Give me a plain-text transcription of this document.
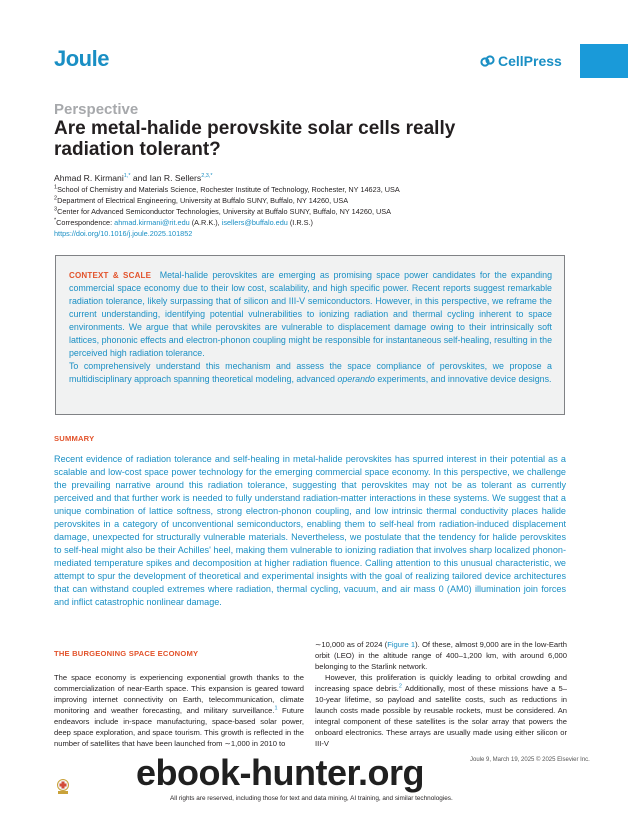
Joule	CellPress
Perspective
Are metal-halide perovskite solar cells really radiation tolerant?
Ahmad R. Kirmani$^{1,*}$ and Ian R. Sellers$^{2,3,*}$
$^1$School of Chemistry and Materials Science, Rochester Institute of Technology, Rochester, NY 14623, USA
$^2$Department of Electrical Engineering, University at Buffalo SUNY, Buffalo, NY 14260, USA
$^3$Center for Advanced Semiconductor Technologies, University at Buffalo SUNY, Buffalo, NY 14260, USA
*Correspondence: ahmad.kirmani@rit.edu (A.R.K.), isellers@buffalo.edu (I.R.S.)
https://doi.org/10.1016/j.joule.2025.101852

CONTEXT & SCALE Metal-halide perovskites are emerging as promising space power candidates for the expanding commercial space economy due to their low cost, scalability, and high specific power. Recent reports suggest remarkable radiation tolerance, likely surpassing that of silicon and III-V semiconductors. However, in this perspective, we reframe the current understanding, identifying potential vulnerabilities to ionizing radiation and thermal cycling inherent to space environments. We argue that while perovskites are vulnerable to displacement damage owing to their intrinsically soft lattices, phononic effects and electron-phonon coupling might be responsible for instantaneous self-healing, resulting in the perceived high radiation tolerance.

To comprehensively understand this mechanism and assess the space compliance of perovskites, we propose a multidisciplinary approach spanning theoretical modeling, advanced operando experiments, and innovative device designs.

SUMMARY
Recent evidence of radiation tolerance and self-healing in metal-halide perovskites has spurred interest in their potential as a scalable and low-cost space power technology for the emerging commercial space economy. In this perspective, we challenge the prevailing narrative around this radiation tolerance, suggesting that perovskites may not be as tolerant as currently perceived and that further work is needed to fully understand radiation-matter interactions in these systems. We suggest that a unique combination of lattice softness, strong electron-phonon coupling, and low intrinsic thermal conductivity places halide perovskites in a category of unconventional semiconductors, enabling them to self-heal from radiation-induced displacement damage, unexpected for structurally vulnerable materials. Nevertheless, we postulate that the tendency for halide perovskites to self-heal might also be their Achilles' heel, making them vulnerable to ionizing radiation that involves sharp localized phonon-mediated temperature spikes and decomposition at higher radiation fluence. Calling attention to this unusual characteristic, we attempt to spur the development of theoretical and experimental insights with the goal of realizing tailored device architectures that can withstand coupled extremes where radiation, thermal cycling, vacuum, and air mass 0 (AM0) illumination join forces and inflict catastrophic nonlinear damage.
THE BURGEONING SPACE ECONOMY

The space economy is experiencing exponential growth thanks to the commercialization of near-Earth space. This expansion is geared toward improving internet connectivity on Earth, telecommunication, climate monitoring and weather forecasting, and military surveillance.$^1$ Future endeavors include in-space manufacturing, space-based solar power, deep space exploration, and space tourism. This growth is reflected in the number of satellites that have been launched from ∼1,000 in 2010 to

∼10,000 as of 2024 (Figure 1). Of these, almost 9,000 are in the low-Earth orbit (LEO) in the altitude range of 400–1,200 km, with around 6,000 belonging to the Starlink network.

However, this proliferation is quickly leading to orbital crowding and increasing space debris.$^2$ Additionally, most of these missions have a 5–10-year lifetime, so payload and satellite costs, such as reductions in launch costs made possible by reusable rockets, must be considered. An integral component of these satellites is the solar array that powers the onboard electronics. These arrays are usually made using either silicon or III-V

Joule 9, March 19, 2025 © 2025 Elsevier Inc.
ebook-hunter.org
All rights are reserved, including those for text and data mining, AI training, and similar technologies.
